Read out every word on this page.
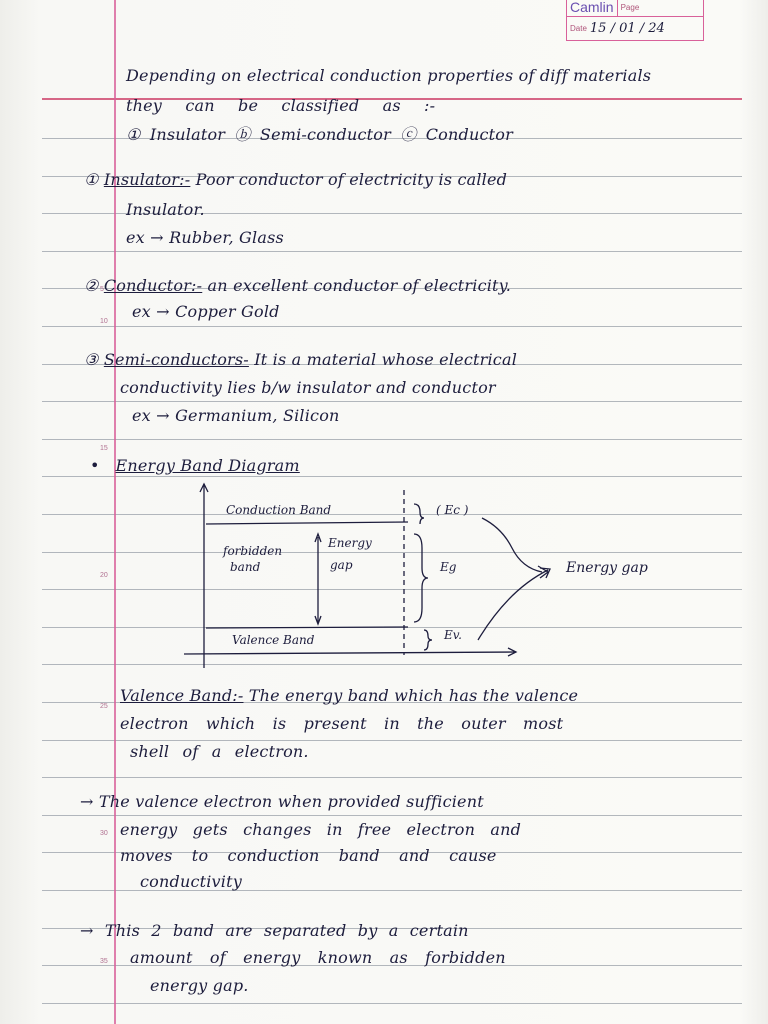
Camlin Page
Date 15 / 01 / 24
5
10
15
20
25
30
35
Depending on electrical conduction properties of diff materials
they can be classified as :-
① Insulator ⓑ Semi-conductor ⓒ Conductor
① Insulator:- Poor conductor of electricity is called
Insulator.
ex → Rubber, Glass
② Conductor:- an excellent conductor of electricity.
ex → Copper Gold
③ Semi-conductors- It is a material whose electrical
conductivity lies b/w insulator and conductor
ex → Germanium, Silicon
• Energy Band Diagram
Conduction Band
forbidden
band
Energy
gap
Valence Band
( Ec )
Eg
Ev.
Energy gap
Valence Band:- The energy band which has the valence
electron which is present in the outer most
shell of a electron.
→ The valence electron when provided sufficient
energy gets changes in free electron and
moves to conduction band and cause
conductivity
→ This 2 band are separated by a certain
amount of energy known as forbidden
energy gap.
